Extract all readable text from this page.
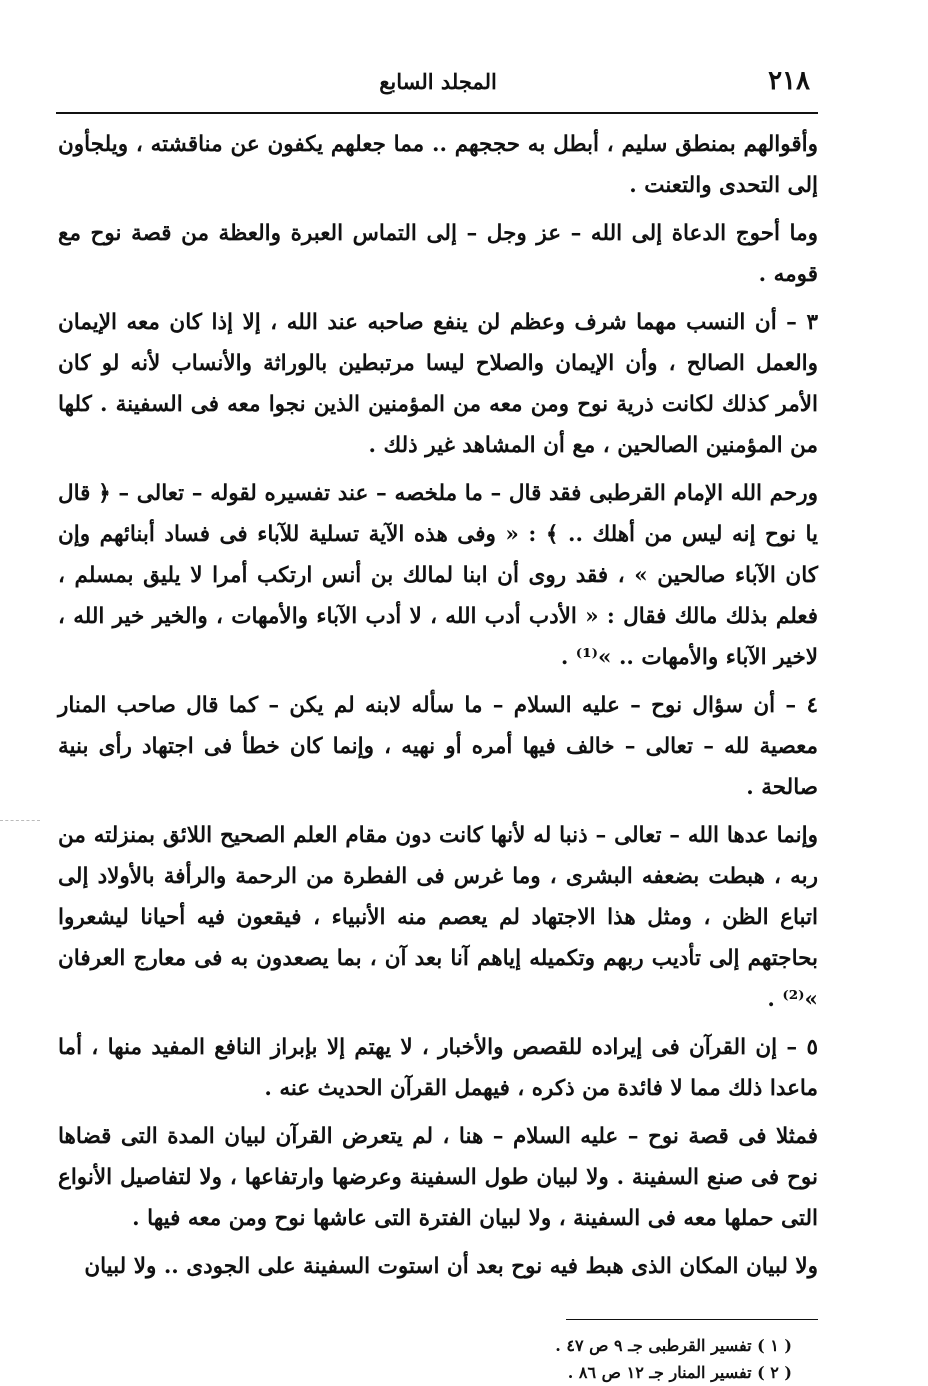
٢١٨
المجلد السابع

وأقوالهم بمنطق سليم ، أبطل به حججهم .. مما جعلهم يكفون عن مناقشته ، ويلجأون إلى التحدى والتعنت .

وما أحوج الدعاة إلى الله – عز وجل – إلى التماس العبرة والعظة من قصة نوح مع قومه .

٣ – أن النسب مهما شرف وعظم لن ينفع صاحبه عند الله ، إلا إذا كان معه الإيمان والعمل الصالح ، وأن الإيمان والصلاح ليسا مرتبطين بالوراثة والأنساب لأنه لو كان الأمر كذلك لكانت ذرية نوح ومن معه من المؤمنين الذين نجوا معه فى السفينة . كلها من المؤمنين الصالحين ، مع أن المشاهد غير ذلك .

ورحم الله الإمام القرطبى فقد قال – ما ملخصه – عند تفسيره لقوله – تعالى – ﴿ قال يا نوح إنه ليس من أهلك .. ﴾ : « وفى هذه الآية تسلية للآباء فى فساد أبنائهم وإن كان الآباء صالحين » ، فقد روى أن ابنا لمالك بن أنس ارتكب أمرا لا يليق بمسلم ، فعلم بذلك مالك فقال : « الأدب أدب الله ، لا أدب الآباء والأمهات ، والخير خير الله ، لاخير الآباء والأمهات .. »⁽¹⁾ .

٤ – أن سؤال نوح – عليه السلام – ما سأله لابنه لم يكن – كما قال صاحب المنار معصية لله – تعالى – خالف فيها أمره أو نهيه ، وإنما كان خطأ فى اجتهاد رأى بنية صالحة .

وإنما عدها الله – تعالى – ذنبا له لأنها كانت دون مقام العلم الصحيح اللائق بمنزلته من ربه ، هبطت بضعفه البشرى ، وما غرس فى الفطرة من الرحمة والرأفة بالأولاد إلى اتباع الظن ، ومثل هذا الاجتهاد لم يعصم منه الأنبياء ، فيقعون فيه أحيانا ليشعروا بحاجتهم إلى تأديب ربهم وتكميله إياهم آنا بعد آن ، بما يصعدون به فى معارج العرفان »⁽²⁾ .

٥ – إن القرآن فى إيراده للقصص والأخبار ، لا يهتم إلا بإبراز النافع المفيد منها ، أما ماعدا ذلك مما لا فائدة من ذكره ، فيهمل القرآن الحديث عنه .

فمثلا فى قصة نوح – عليه السلام – هنا ، لم يتعرض القرآن لبيان المدة التى قضاها نوح فى صنع السفينة . ولا لبيان طول السفينة وعرضها وارتفاعها ، ولا لتفاصيل الأنواع التى حملها معه فى السفينة ، ولا لبيان الفترة التى عاشها نوح ومن معه فيها .

ولا لبيان المكان الذى هبط فيه نوح بعد أن استوت السفينة على الجودى .. ولا لبيان

( ١ ) تفسير القرطبى جـ ٩ ص ٤٧ .

( ٢ ) تفسير المنار جـ ١٢ ص ٨٦ .
